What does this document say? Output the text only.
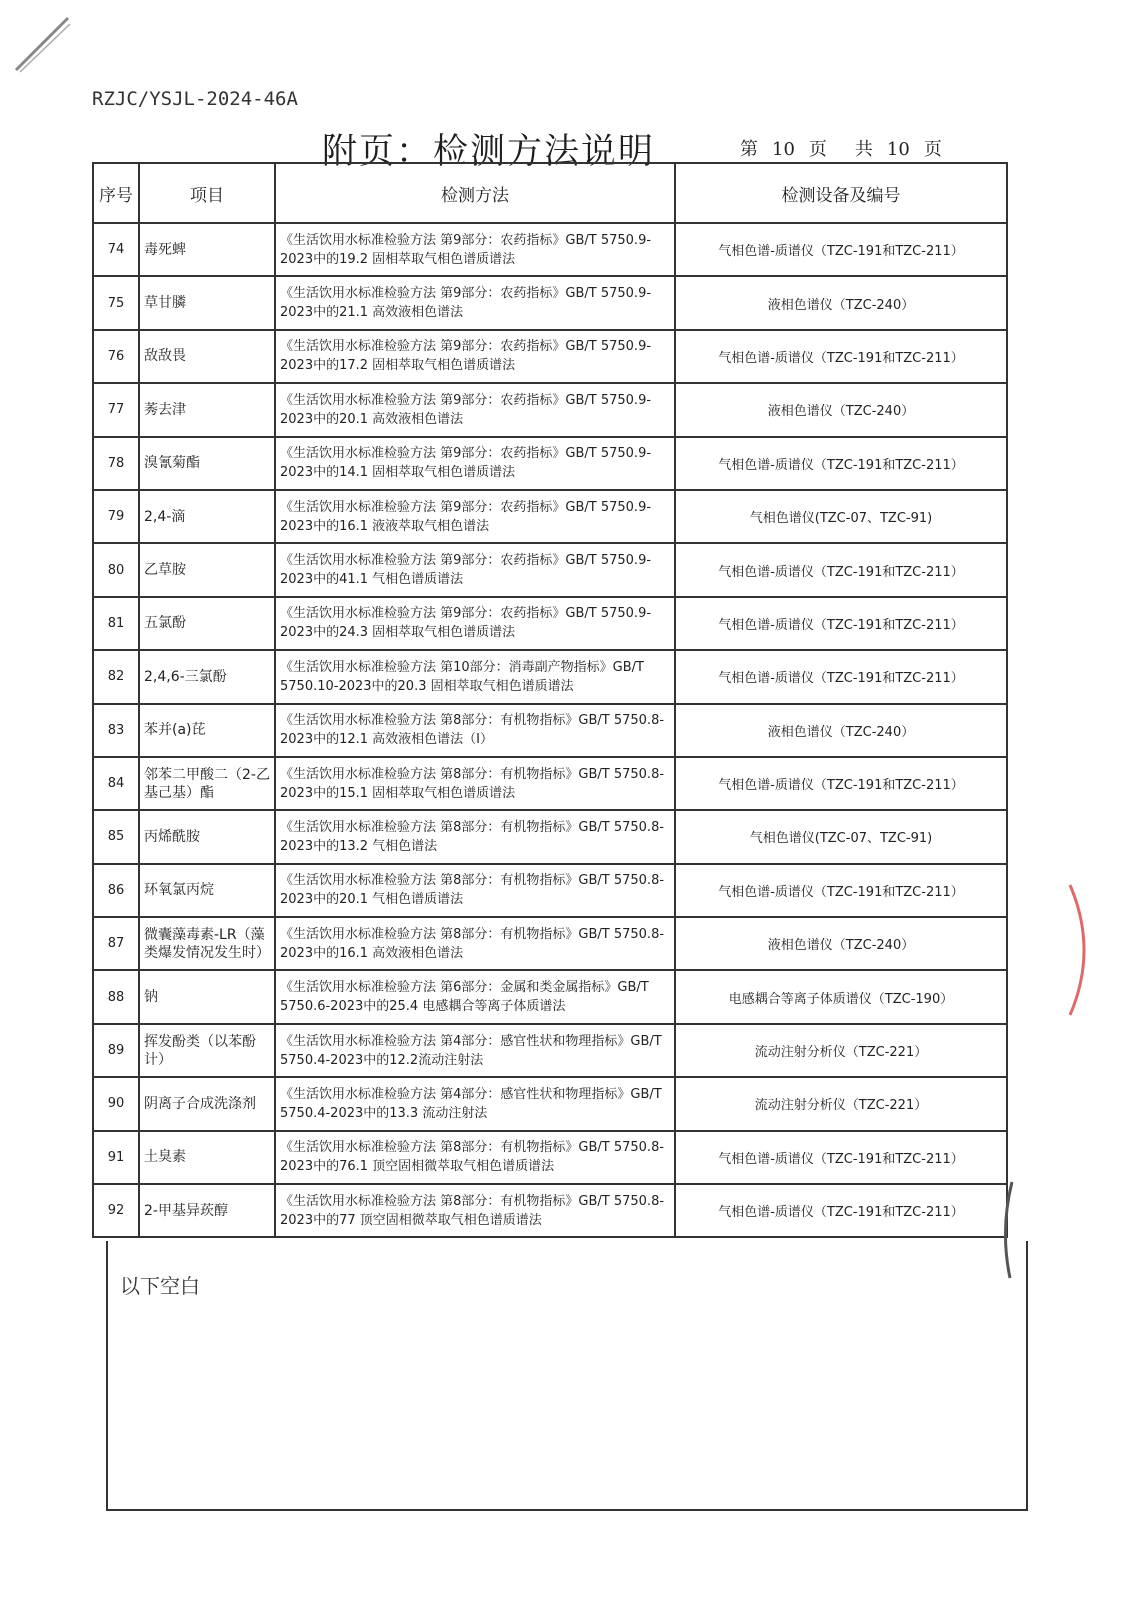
RZJC/YSJL-2024-46A
附页：检测方法说明	第 10 页 共 10 页
序号	项目	检测方法	检测设备及编号
74	毒死蜱	《生活饮用水标准检验方法 第9部分：农药指标》GB/T 5750.9-2023中的19.2 固相萃取气相色谱质谱法	气相色谱-质谱仪（TZC-191和TZC-211）
75	草甘膦	《生活饮用水标准检验方法 第9部分：农药指标》GB/T 5750.9-2023中的21.1 高效液相色谱法	液相色谱仪（TZC-240）
76	敌敌畏	《生活饮用水标准检验方法 第9部分：农药指标》GB/T 5750.9-2023中的17.2 固相萃取气相色谱质谱法	气相色谱-质谱仪（TZC-191和TZC-211）
77	莠去津	《生活饮用水标准检验方法 第9部分：农药指标》GB/T 5750.9-2023中的20.1 高效液相色谱法	液相色谱仪（TZC-240）
78	溴氰菊酯	《生活饮用水标准检验方法 第9部分：农药指标》GB/T 5750.9-2023中的14.1 固相萃取气相色谱质谱法	气相色谱-质谱仪（TZC-191和TZC-211）
79	2,4-滴	《生活饮用水标准检验方法 第9部分：农药指标》GB/T 5750.9-2023中的16.1 液液萃取气相色谱法	气相色谱仪(TZC-07、TZC-91)
80	乙草胺	《生活饮用水标准检验方法 第9部分：农药指标》GB/T 5750.9-2023中的41.1 气相色谱质谱法	气相色谱-质谱仪（TZC-191和TZC-211）
81	五氯酚	《生活饮用水标准检验方法 第9部分：农药指标》GB/T 5750.9-2023中的24.3 固相萃取气相色谱质谱法	气相色谱-质谱仪（TZC-191和TZC-211）
82	2,4,6-三氯酚	《生活饮用水标准检验方法 第10部分：消毒副产物指标》GB/T 5750.10-2023中的20.3 固相萃取气相色谱质谱法	气相色谱-质谱仪（TZC-191和TZC-211）
83	苯并(a)芘	《生活饮用水标准检验方法 第8部分：有机物指标》GB/T 5750.8-2023中的12.1 高效液相色谱法（I）	液相色谱仪（TZC-240）
84	邻苯二甲酸二（2-乙基己基）酯	《生活饮用水标准检验方法 第8部分：有机物指标》GB/T 5750.8-2023中的15.1 固相萃取气相色谱质谱法	气相色谱-质谱仪（TZC-191和TZC-211）
85	丙烯酰胺	《生活饮用水标准检验方法 第8部分：有机物指标》GB/T 5750.8-2023中的13.2 气相色谱法	气相色谱仪(TZC-07、TZC-91)
86	环氧氯丙烷	《生活饮用水标准检验方法 第8部分：有机物指标》GB/T 5750.8-2023中的20.1 气相色谱质谱法	气相色谱-质谱仪（TZC-191和TZC-211）
87	微囊藻毒素-LR（藻类爆发情况发生时）	《生活饮用水标准检验方法 第8部分：有机物指标》GB/T 5750.8-2023中的16.1 高效液相色谱法	液相色谱仪（TZC-240）
88	钠	《生活饮用水标准检验方法 第6部分：金属和类金属指标》GB/T 5750.6-2023中的25.4 电感耦合等离子体质谱法	电感耦合等离子体质谱仪（TZC-190）
89	挥发酚类（以苯酚计）	《生活饮用水标准检验方法 第4部分：感官性状和物理指标》GB/T 5750.4-2023中的12.2流动注射法	流动注射分析仪（TZC-221）
90	阴离子合成洗涤剂	《生活饮用水标准检验方法 第4部分：感官性状和物理指标》GB/T 5750.4-2023中的13.3 流动注射法	流动注射分析仪（TZC-221）
91	土臭素	《生活饮用水标准检验方法 第8部分：有机物指标》GB/T 5750.8-2023中的76.1 顶空固相微萃取气相色谱质谱法	气相色谱-质谱仪（TZC-191和TZC-211）
92	2-甲基异莰醇	《生活饮用水标准检验方法 第8部分：有机物指标》GB/T 5750.8-2023中的77 顶空固相微萃取气相色谱质谱法	气相色谱-质谱仪（TZC-191和TZC-211）
以下空白
